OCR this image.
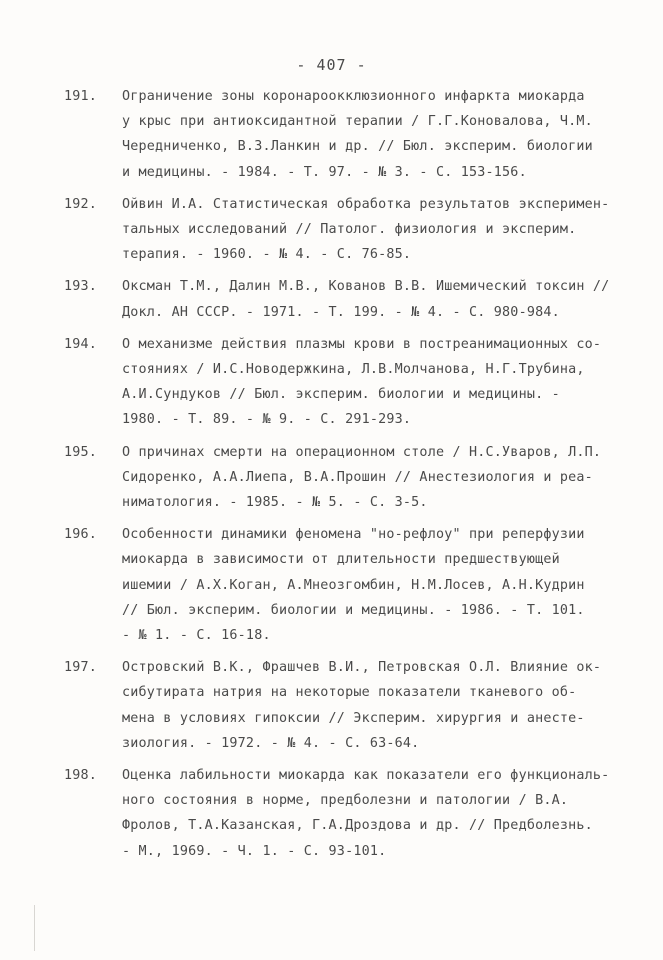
- 407 -
191.	Ограничение зоны коронароокклюзионного инфаркта миокарда
у крыс при антиоксидантной терапии / Г.Г.Коновалова, Ч.М.
Чередниченко, В.З.Ланкин и др. // Бюл. эксперим. биологии
и медицины. - 1984. - Т. 97. - № 3. - С. 153-156.
192.	Ойвин И.А. Статистическая обработка результатов эксперимен-
тальных исследований // Патолог. физиология и эксперим.
терапия. - 1960. - № 4. - С. 76-85.
193.	Оксман Т.М., Далин М.В., Кованов В.В. Ишемический токсин //
Докл. АН СССР. - 1971. - Т. 199. - № 4. - С. 980-984.
194.	О механизме действия плазмы крови в постреанимационных со-
стояниях / И.С.Новодержкина, Л.В.Молчанова, Н.Г.Трубина,
А.И.Сундуков // Бюл. эксперим. биологии и медицины. -
1980. - Т. 89. - № 9. - С. 291-293.
195.	О причинах смерти на операционном столе / Н.С.Уваров, Л.П.
Сидоренко, А.А.Лиепа, В.А.Прошин // Анестезиология и реа-
ниматология. - 1985. - № 5. - С. 3-5.
196.	Особенности динамики феномена "но-рефлоу" при реперфузии
миокарда в зависимости от длительности предшествующей
ишемии / А.Х.Коган, А.Мнеозгомбин, Н.М.Лосев, А.Н.Кудрин
// Бюл. эксперим. биологии и медицины. - 1986. - Т. 101.
- № 1. - С. 16-18.
197.	Островский В.К., Фрашчев В.И., Петровская О.Л. Влияние ок-
сибутирата натрия на некоторые показатели тканевого об-
мена в условиях гипоксии // Эксперим. хирургия и анесте-
зиология. - 1972. - № 4. - С. 63-64.
198.	Оценка лабильности миокарда как показатели его функциональ-
ного состояния в норме, предболезни и патологии / В.А.
Фролов, Т.А.Казанская, Г.А.Дроздова и др. // Предболезнь.
- М., 1969. - Ч. 1. - С. 93-101.
